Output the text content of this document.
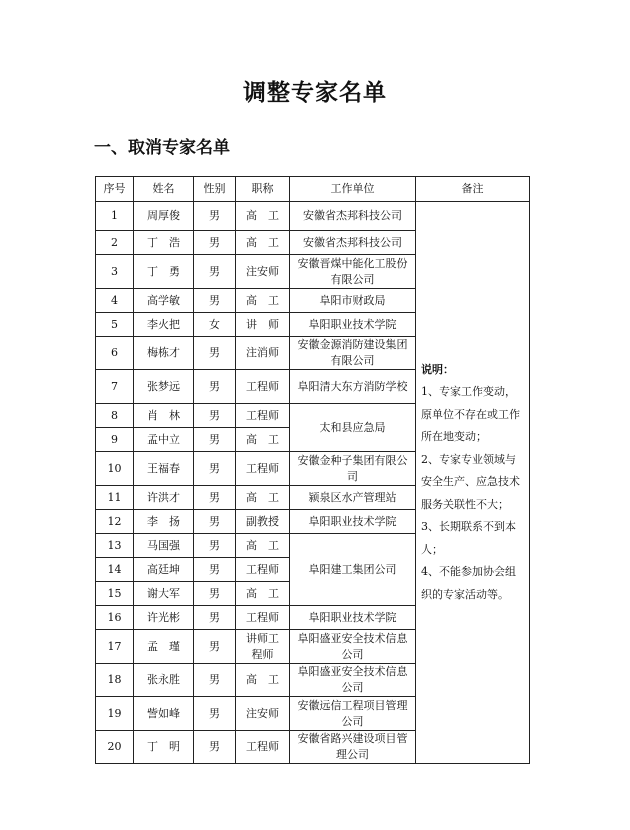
调整专家名单
一、取消专家名单
序号	姓名	性别	职称	工作单位	备注
1	周厚俊	男	高　工	安徽省杰邦科技公司	说明：
1、专家工作变动，原单位不存在或工作所在地变动；
2、专家专业领域与安全生产、应急技术服务关联性不大；
3、长期联系不到本人；
4、不能参加协会组织的专家活动等。
2	丁　浩	男	高　工	安徽省杰邦科技公司	
3	丁　勇	男	注安师	安徽晋煤中能化工股份有限公司	
4	高学敏	男	高　工	阜阳市财政局	
5	李火把	女	讲　师	阜阳职业技术学院	
6	梅栋才	男	注消师	安徽金源消防建设集团有限公司	
7	张梦远	男	工程师	阜阳清大东方消防学校	
8	肖　林	男	工程师	太和县应急局	
9	孟中立	男	高　工		
10	王福春	男	工程师	安徽金种子集团有限公司	
11	许洪才	男	高　工	颍泉区水产管理站	
12	李　扬	男	副教授	阜阳职业技术学院	
13	马国强	男	高　工	阜阳建工集团公司	
14	高廷坤	男	工程师		
15	谢大军	男	高　工		
16	许光彬	男	工程师	阜阳职业技术学院	
17	孟　瑾	男	讲师工程师	阜阳盛亚安全技术信息公司	
18	张永胜	男	高　工	阜阳盛亚安全技术信息公司	
19	訾如峰	男	注安师	安徽远信工程项目管理公司	
20	丁　明	男	工程师	安徽省路兴建设项目管理公司	
